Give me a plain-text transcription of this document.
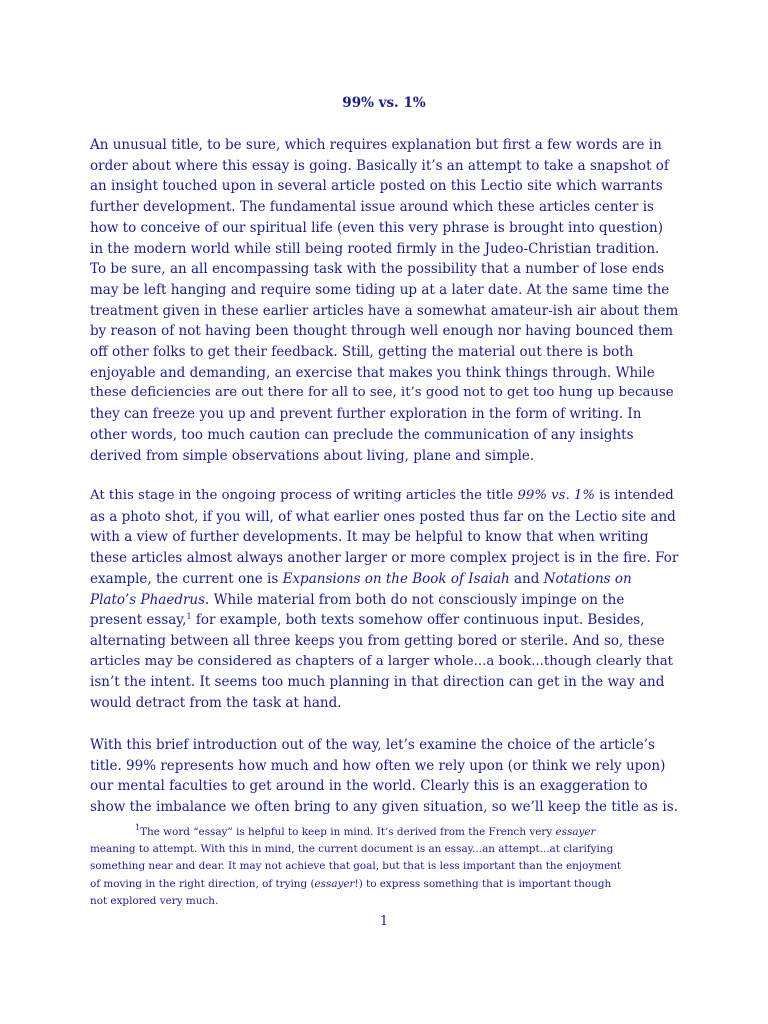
99% vs. 1%

An unusual title, to be sure, which requires explanation but first a few words are in
order about where this essay is going. Basically it’s an attempt to take a snapshot of
an insight touched upon in several article posted on this Lectio site which warrants
further development. The fundamental issue around which these articles center is
how to conceive of our spiritual life (even this very phrase is brought into question)
in the modern world while still being rooted firmly in the Judeo-Christian tradition.
To be sure, an all encompassing task with the possibility that a number of lose ends
may be left hanging and require some tiding up at a later date. At the same time the
treatment given in these earlier articles have a somewhat amateur-ish air about them
by reason of not having been thought through well enough nor having bounced them
off other folks to get their feedback. Still, getting the material out there is both
enjoyable and demanding, an exercise that makes you think things through. While
these deficiencies are out there for all to see, it’s good not to get too hung up because
they can freeze you up and prevent further exploration in the form of writing. In
other words, too much caution can preclude the communication of any insights
derived from simple observations about living, plane and simple.

At this stage in the ongoing process of writing articles the title 99% vs. 1% is intended
as a photo shot, if you will, of what earlier ones posted thus far on the Lectio site and
with a view of further developments. It may be helpful to know that when writing
these articles almost always another larger or more complex project is in the fire. For
example, the current one is Expansions on the Book of Isaiah and Notations on
Plato’s Phaedrus. While material from both do not consciously impinge on the
present essay,$^1$ for example, both texts somehow offer continuous input. Besides,
alternating between all three keeps you from getting bored or sterile. And so, these
articles may be considered as chapters of a larger whole...a book...though clearly that
isn’t the intent. It seems too much planning in that direction can get in the way and
would detract from the task at hand.

With this brief introduction out of the way, let’s examine the choice of the article’s
title. 99% represents how much and how often we rely upon (or think we rely upon)
our mental faculties to get around in the world. Clearly this is an exaggeration to
show the imbalance we often bring to any given situation, so we’ll keep the title as is.

$^1$The word “essay” is helpful to keep in mind. It’s derived from the French very essayer
meaning to attempt. With this in mind, the current document is an essay...an attempt...at clarifying
something near and dear. It may not achieve that goal, but that is less important than the enjoyment
of moving in the right direction, of trying (essayer!) to express something that is important though
not explored very much.

1
